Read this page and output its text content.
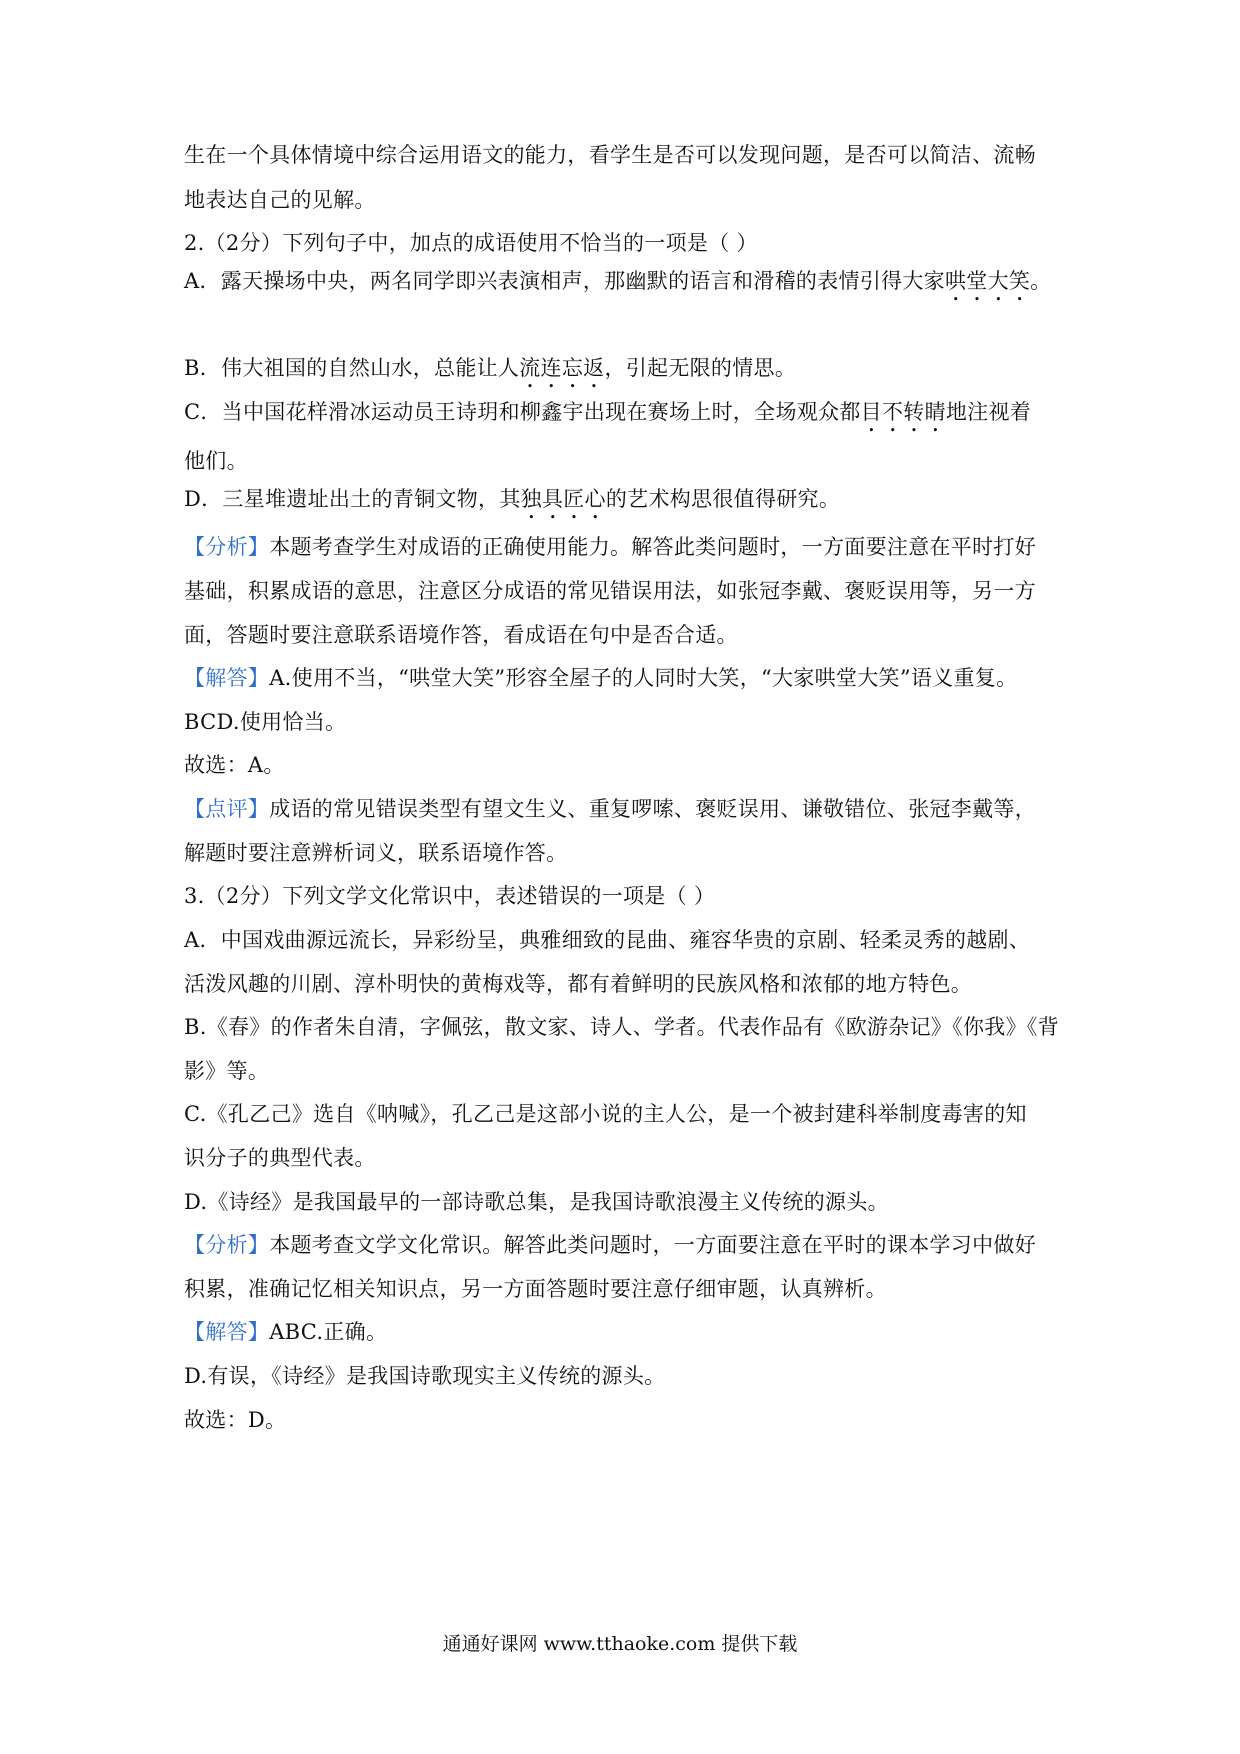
生在一个具体情境中综合运用语文的能力，看学生是否可以发现问题，是否可以简洁、流畅
地表达自己的见解。
2.（2分）下列句子中，加点的成语使用不恰当的一项是（ ）
A．露天操场中央，两名同学即兴表演相声，那幽默的语言和滑稽的表情引得大家哄堂大笑。
B．伟大祖国的自然山水，总能让人流连忘返，引起无限的情思。
C．当中国花样滑冰运动员王诗玥和柳鑫宇出现在赛场上时，全场观众都目不转睛地注视着
他们。
D．三星堆遗址出土的青铜文物，其独具匠心的艺术构思很值得研究。
【分析】本题考查学生对成语的正确使用能力。解答此类问题时，一方面要注意在平时打好
基础，积累成语的意思，注意区分成语的常见错误用法，如张冠李戴、褒贬误用等，另一方
面，答题时要注意联系语境作答，看成语在句中是否合适。
【解答】A.使用不当，“哄堂大笑”形容全屋子的人同时大笑，“大家哄堂大笑”语义重复。
BCD.使用恰当。
故选：A。
【点评】成语的常见错误类型有望文生义、重复啰嗦、褒贬误用、谦敬错位、张冠李戴等，
解题时要注意辨析词义，联系语境作答。
3.（2分）下列文学文化常识中，表述错误的一项是（ ）
A．中国戏曲源远流长，异彩纷呈，典雅细致的昆曲、雍容华贵的京剧、轻柔灵秀的越剧、
活泼风趣的川剧、淳朴明快的黄梅戏等，都有着鲜明的民族风格和浓郁的地方特色。
B.《春》的作者朱自清，字佩弦，散文家、诗人、学者。代表作品有《欧游杂记》《你我》《背
影》等。
C.《孔乙己》选自《呐喊》，孔乙己是这部小说的主人公，是一个被封建科举制度毒害的知
识分子的典型代表。
D.《诗经》是我国最早的一部诗歌总集，是我国诗歌浪漫主义传统的源头。
【分析】本题考查文学文化常识。解答此类问题时，一方面要注意在平时的课本学习中做好
积累，准确记忆相关知识点，另一方面答题时要注意仔细审题，认真辨析。
【解答】ABC.正确。
D.有误，《诗经》是我国诗歌现实主义传统的源头。
故选：D。
通通好课网 www.tthaoke.com 提供下载
